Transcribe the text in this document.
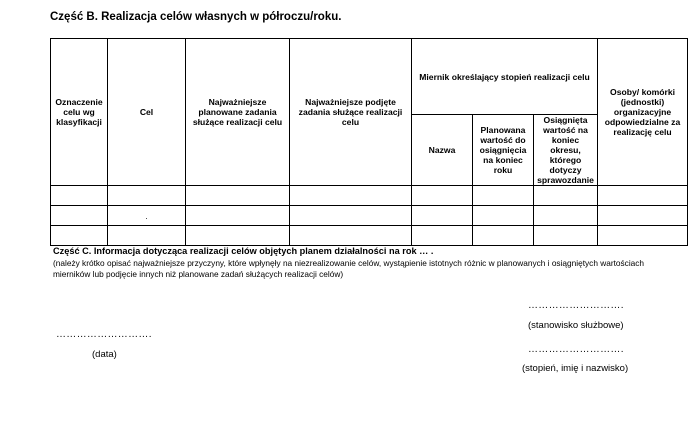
Część B. Realizacja celów własnych w półroczu/roku.
Oznaczenie celu wg klasyfikacji	Cel	Najważniejsze planowane zadania służące realizacji celu	Najważniejsze podjęte zadania służące realizacji celu	Miernik określający stopień realizacji celu			Osoby/ komórki (jednostki) organizacyjne odpowiedzialne za realizację celu
				Nazwa	Planowana wartość do osiągnięcia na koniec roku	Osiągnięta wartość na koniec okresu, którego dotyczy sprawozdanie	

	.						

Część C. Informacja dotycząca realizacji celów objętych planem działalności na rok … .
(należy krótko opisać najważniejsze przyczyny, które wpłynęły na niezrealizowanie celów, wystąpienie istotnych różnic w planowanych i osiągniętych wartościach mierników lub podjęcie innych niż planowane zadań służących realizacji celów)
……………………….
(stanowisko służbowe)
……………………….
……………………….
(data)
(stopień, imię i nazwisko)
